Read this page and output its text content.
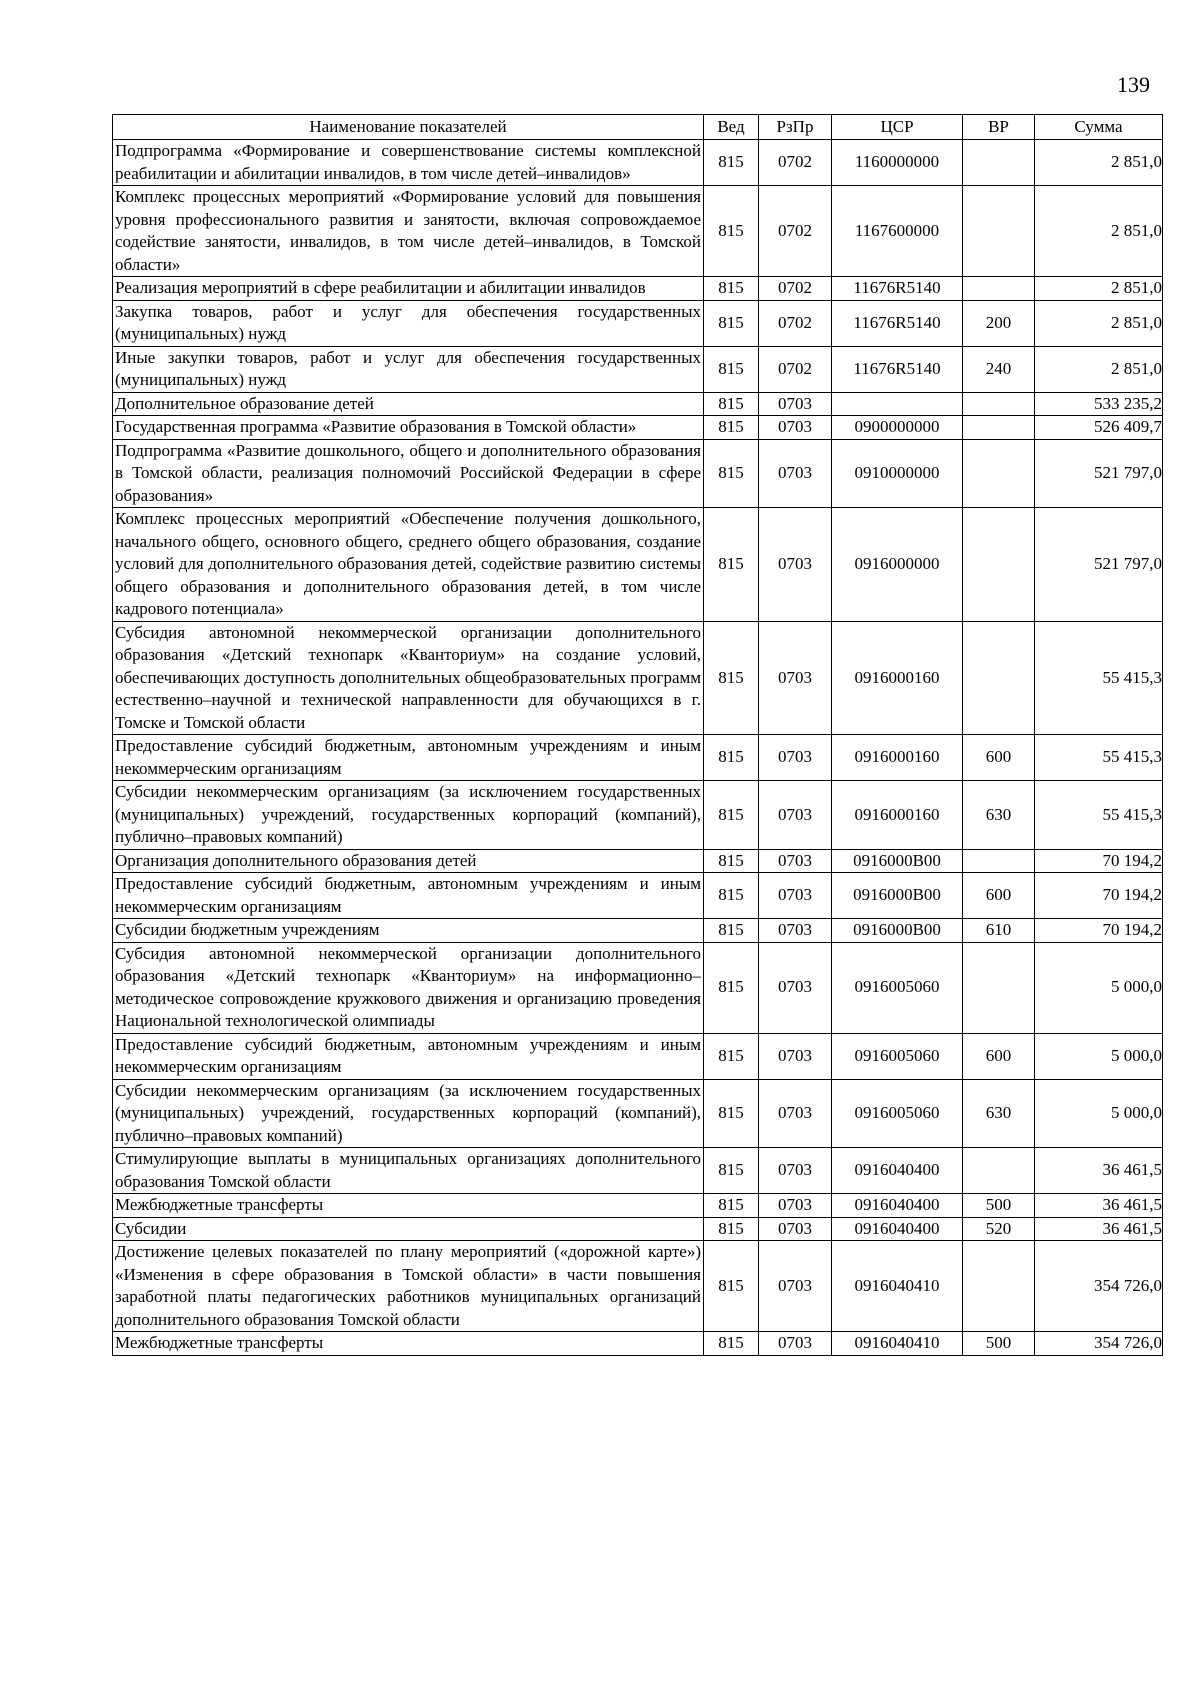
139
Наименование показателей	Вед	РзПр	ЦСР	ВР	Сумма
Подпрограмма «Формирование и совершенствование системы комплексной реабилитации и абилитации инвалидов, в том числе детей–инвалидов»	815	0702	1160000000		2 851,0
Комплекс процессных мероприятий «Формирование условий для повышения уровня профессионального развития и занятости, включая сопровождаемое содействие занятости, инвалидов, в том числе детей–инвалидов, в Томской области»	815	0702	1167600000		2 851,0
Реализация мероприятий в сфере реабилитации и абилитации инвалидов	815	0702	11676R5140		2 851,0
Закупка товаров, работ и услуг для обеспечения государственных (муниципальных) нужд	815	0702	11676R5140	200	2 851,0
Иные закупки товаров, работ и услуг для обеспечения государственных (муниципальных) нужд	815	0702	11676R5140	240	2 851,0
Дополнительное образование детей	815	0703			533 235,2
Государственная программа «Развитие образования в Томской области»	815	0703	0900000000		526 409,7
Подпрограмма «Развитие дошкольного, общего и дополнительного образования в Томской области, реализация полномочий Российской Федерации в сфере образования»	815	0703	0910000000		521 797,0
Комплекс процессных мероприятий «Обеспечение получения дошкольного, начального общего, основного общего, среднего общего образования, создание условий для дополнительного образования детей, содействие развитию системы общего образования и дополнительного образования детей, в том числе кадрового потенциала»	815	0703	0916000000		521 797,0
Субсидия автономной некоммерческой организации дополнительного образования «Детский технопарк «Кванториум» на создание условий, обеспечивающих доступность дополнительных общеобразовательных программ естественно–научной и технической направленности для обучающихся в г. Томске и Томской области	815	0703	0916000160		55 415,3
Предоставление субсидий бюджетным, автономным учреждениям и иным некоммерческим организациям	815	0703	0916000160	600	55 415,3
Субсидии некоммерческим организациям (за исключением государственных (муниципальных) учреждений, государственных корпораций (компаний), публично–правовых компаний)	815	0703	0916000160	630	55 415,3
Организация дополнительного образования детей	815	0703	0916000В00		70 194,2
Предоставление субсидий бюджетным, автономным учреждениям и иным некоммерческим организациям	815	0703	0916000В00	600	70 194,2
Субсидии бюджетным учреждениям	815	0703	0916000В00	610	70 194,2
Субсидия автономной некоммерческой организации дополнительного образования «Детский технопарк «Кванториум» на информационно–методическое сопровождение кружкового движения и организацию проведения Национальной технологической олимпиады	815	0703	0916005060		5 000,0
Предоставление субсидий бюджетным, автономным учреждениям и иным некоммерческим организациям	815	0703	0916005060	600	5 000,0
Субсидии некоммерческим организациям (за исключением государственных (муниципальных) учреждений, государственных корпораций (компаний), публично–правовых компаний)	815	0703	0916005060	630	5 000,0
Стимулирующие выплаты в муниципальных организациях дополнительного образования Томской области	815	0703	0916040400		36 461,5
Межбюджетные трансферты	815	0703	0916040400	500	36 461,5
Субсидии	815	0703	0916040400	520	36 461,5
Достижение целевых показателей по плану мероприятий («дорожной карте») «Изменения в сфере образования в Томской области» в части повышения заработной платы педагогических работников муниципальных организаций дополнительного образования Томской области	815	0703	0916040410		354 726,0
Межбюджетные трансферты	815	0703	0916040410	500	354 726,0
